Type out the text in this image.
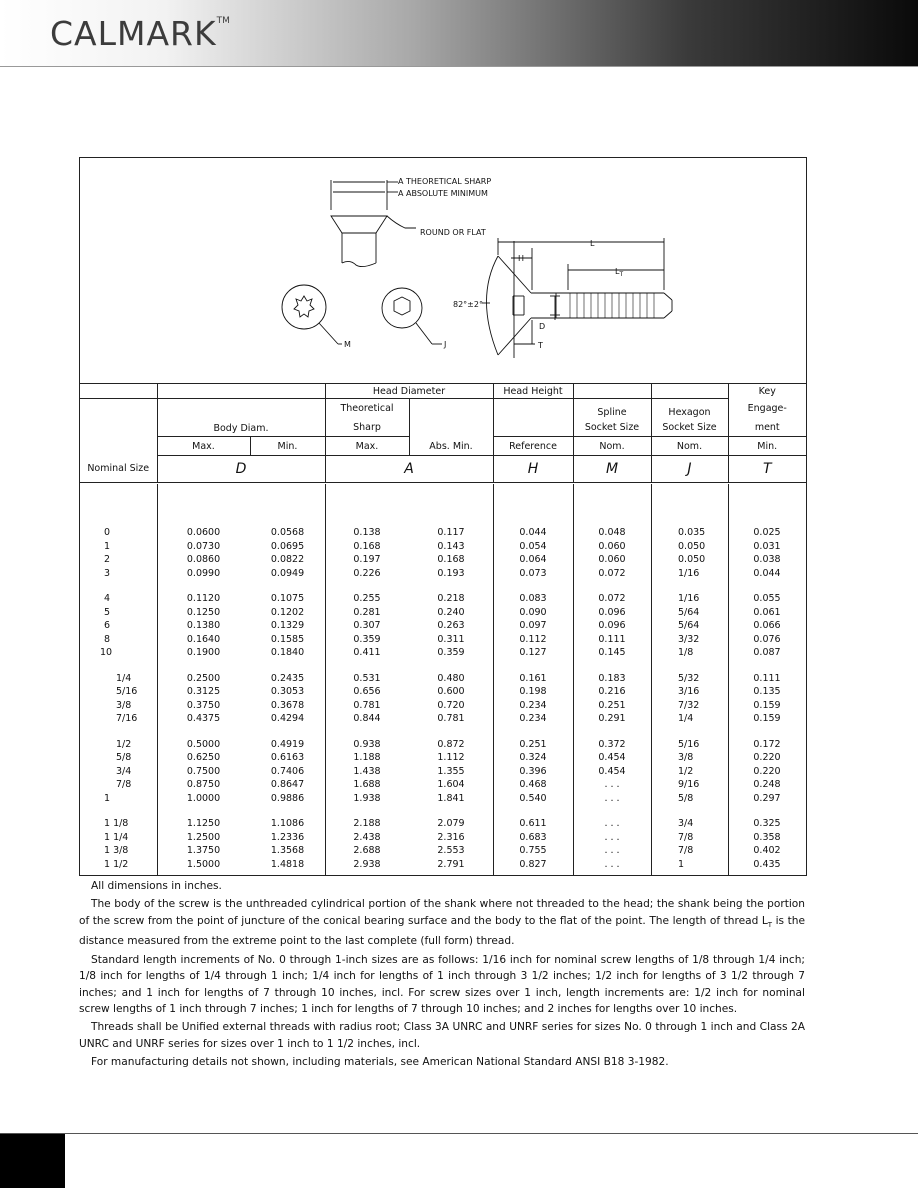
CALMARK™
A THEORETICAL SHARP
A ABSOLUTE MINIMUM
ROUND OR FLAT
M	J
L
H
$L_T$
82°±2°
D
T
			Head Diameter		Head Height			Key
	Body Diam.		Theoretical	Abs. Min.		Spline	Hexagon	Engage-
			Sharp			Socket Size	Socket Size	ment
	Max.	Min.	Max.		Reference	Nom.	Nom.	Min.
Nominal Size	D		A		H	M	J	T

0	0.0600	0.0568	0.138	0.117	0.044	0.048	0.035	0.025
1	0.0730	0.0695	0.168	0.143	0.054	0.060	0.050	0.031
2	0.0860	0.0822	0.197	0.168	0.064	0.060	0.050	0.038
3	0.0990	0.0949	0.226	0.193	0.073	0.072	1/16	0.044

4	0.1120	0.1075	0.255	0.218	0.083	0.072	1/16	0.055
5	0.1250	0.1202	0.281	0.240	0.090	0.096	5/64	0.061
6	0.1380	0.1329	0.307	0.263	0.097	0.096	5/64	0.066
8	0.1640	0.1585	0.359	0.311	0.112	0.111	3/32	0.076
10	0.1900	0.1840	0.411	0.359	0.127	0.145	1/8	0.087

1/4	0.2500	0.2435	0.531	0.480	0.161	0.183	5/32	0.111
5/16	0.3125	0.3053	0.656	0.600	0.198	0.216	3/16	0.135
3/8	0.3750	0.3678	0.781	0.720	0.234	0.251	7/32	0.159
7/16	0.4375	0.4294	0.844	0.781	0.234	0.291	1/4	0.159

1/2	0.5000	0.4919	0.938	0.872	0.251	0.372	5/16	0.172
5/8	0.6250	0.6163	1.188	1.112	0.324	0.454	3/8	0.220
3/4	0.7500	0.7406	1.438	1.355	0.396	0.454	1/2	0.220
7/8	0.8750	0.8647	1.688	1.604	0.468	. . .	9/16	0.248
1	1.0000	0.9886	1.938	1.841	0.540	. . .	5/8	0.297

1 1/8	1.1250	1.1086	2.188	2.079	0.611	. . .	3/4	0.325
1 1/4	1.2500	1.2336	2.438	2.316	0.683	. . .	7/8	0.358
1 3/8	1.3750	1.3568	2.688	2.553	0.755	. . .	7/8	0.402
1 1/2	1.5000	1.4818	2.938	2.791	0.827	. . .	1	0.435

All dimensions in inches.

The body of the screw is the unthreaded cylindrical portion of the shank where not threaded to the head; the shank being the portion of the screw from the point of juncture of the conical bearing surface and the body to the flat of the point. The length of thread $L_T$ is the distance measured from the extreme point to the last complete (full form) thread.

Standard length increments of No. 0 through 1-inch sizes are as follows: 1/16 inch for nominal screw lengths of 1/8 through 1/4 inch; 1/8 inch for lengths of 1/4 through 1 inch; 1/4 inch for lengths of 1 inch through 3 1/2 inches; 1/2 inch for lengths of 3 1/2 through 7 inches; and 1 inch for lengths of 7 through 10 inches, incl. For screw sizes over 1 inch, length increments are: 1/2 inch for nominal screw lengths of 1 inch through 7 inches; 1 inch for lengths of 7 through 10 inches; and 2 inches for lengths over 10 inches.

Threads shall be Unified external threads with radius root; Class 3A UNRC and UNRF series for sizes No. 0 through 1 inch and Class 2A UNRC and UNRF series for sizes over 1 inch to 1 1/2 inches, incl.

For manufacturing details not shown, including materials, see American National Standard ANSI B18 3-1982.
